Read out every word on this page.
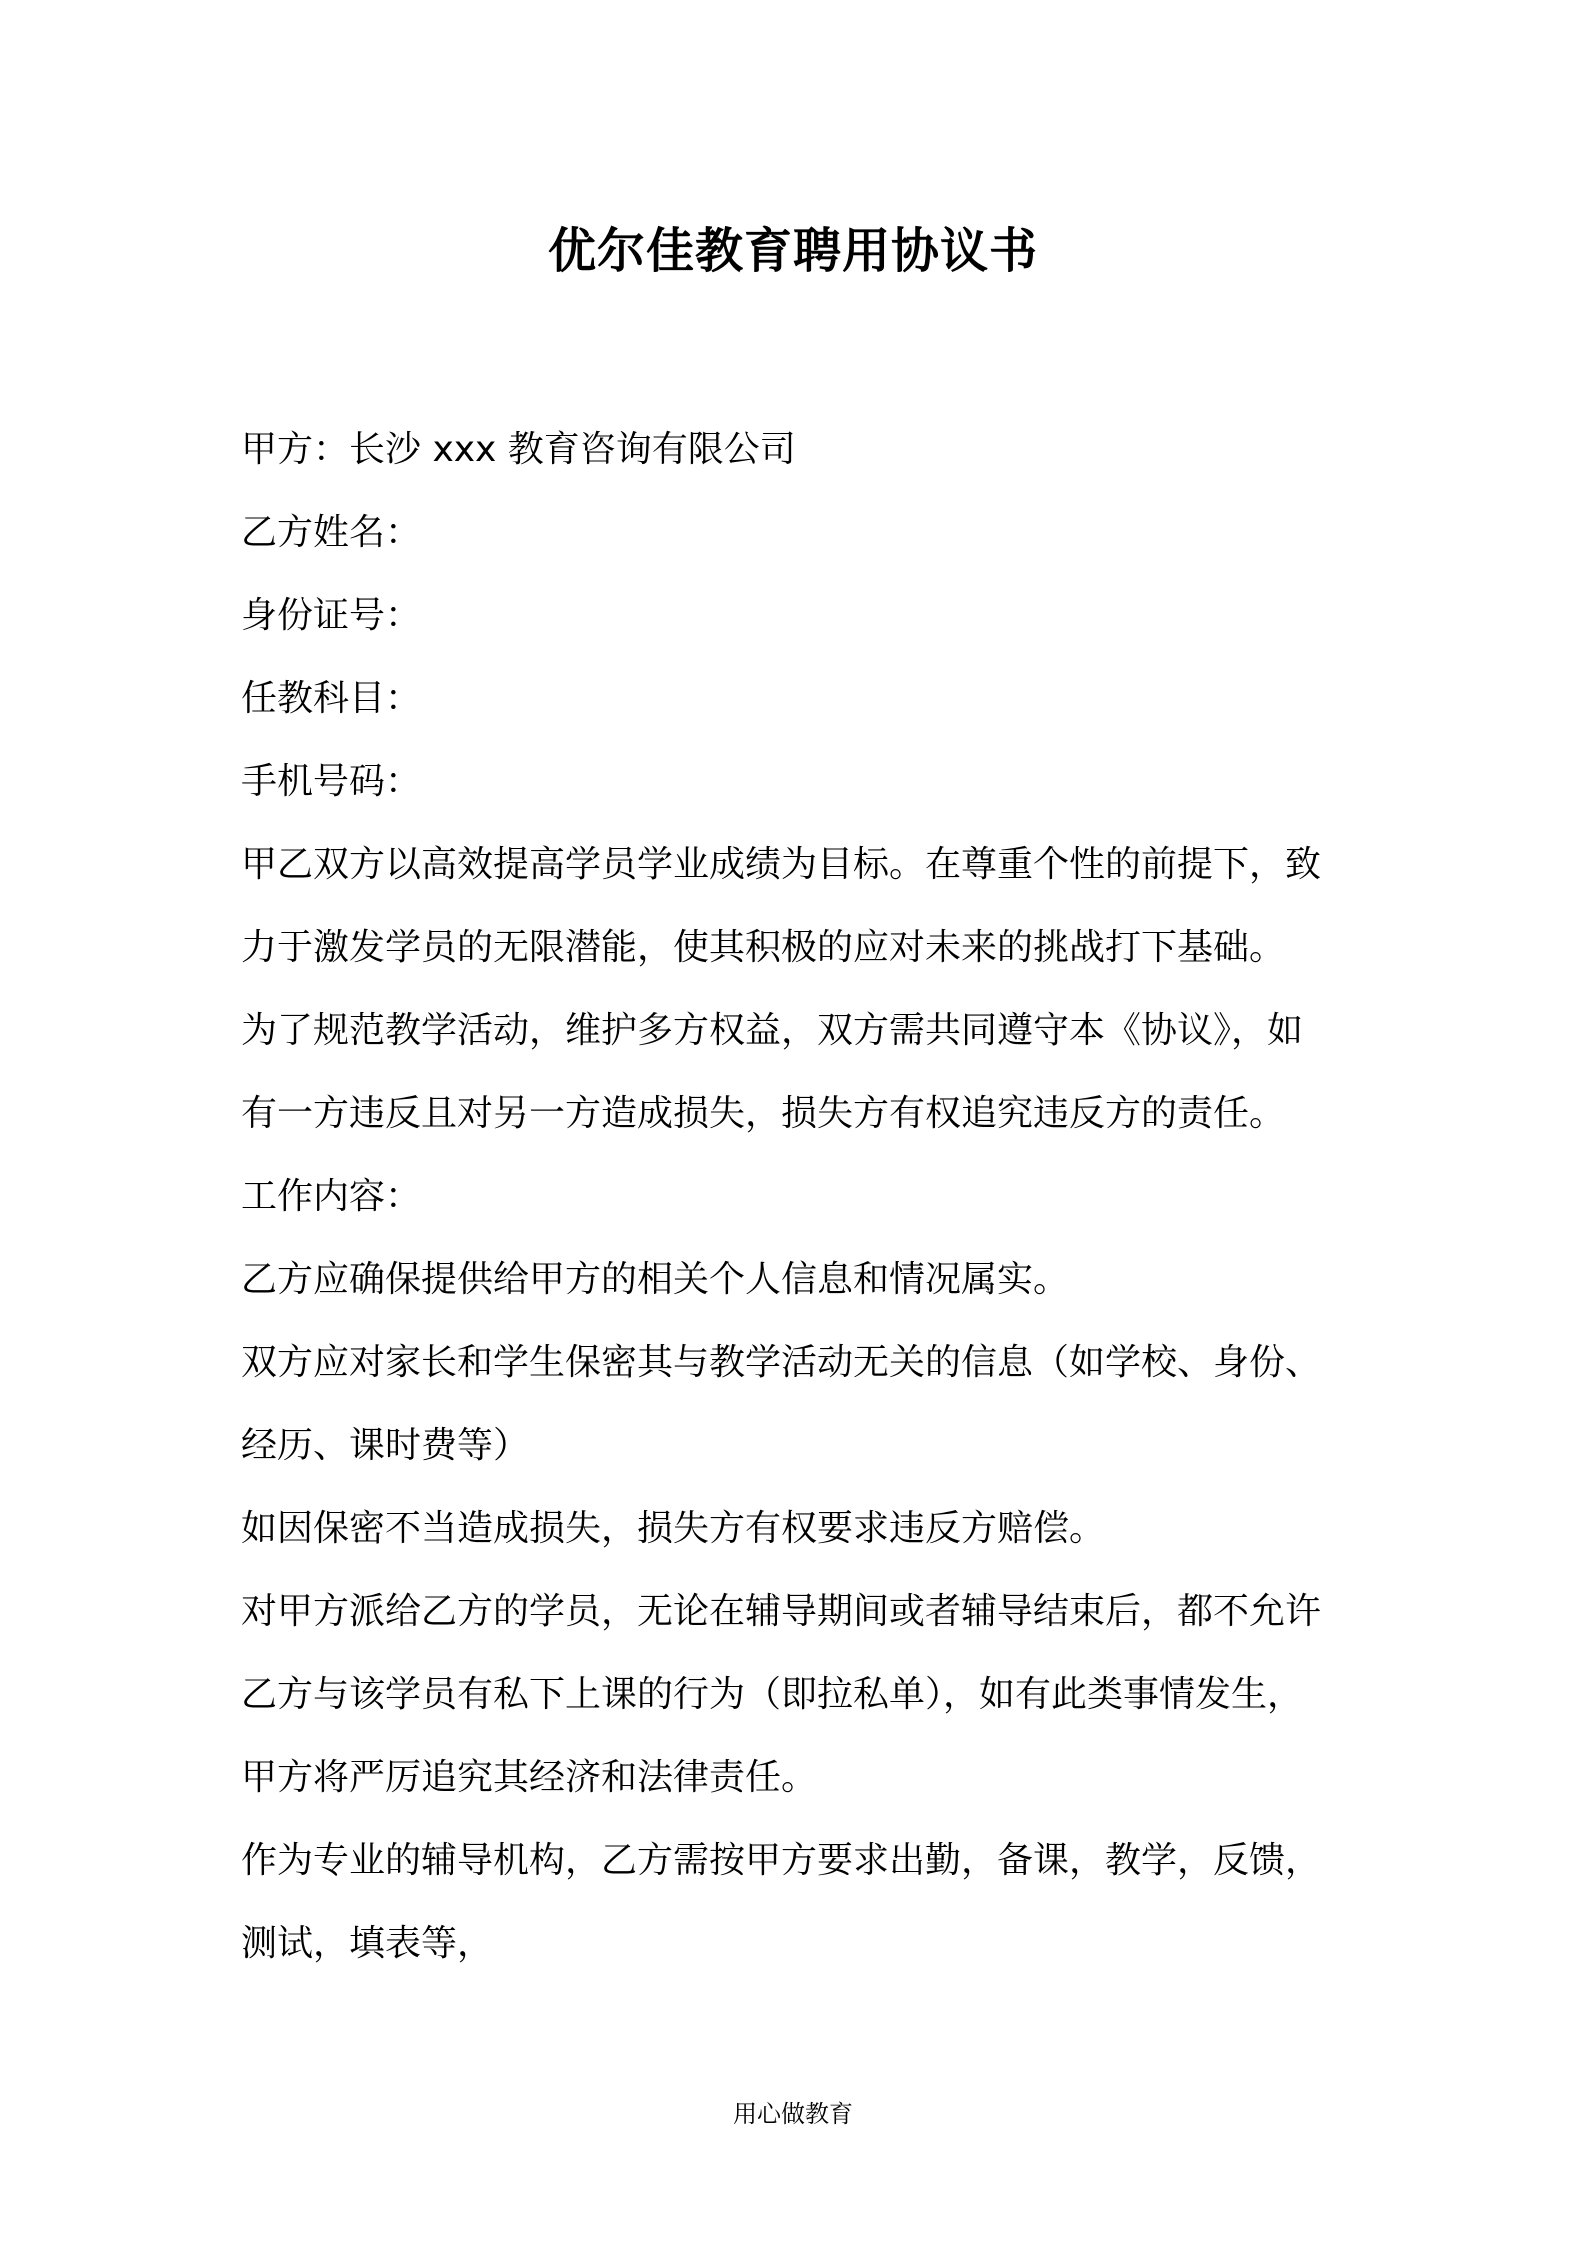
优尔佳教育聘用协议书
甲方：长沙 xxx 教育咨询有限公司
乙方姓名：
身份证号：
任教科目：
手机号码：
甲乙双方以高效提高学员学业成绩为目标。在尊重个性的前提下，致
力于激发学员的无限潜能，使其积极的应对未来的挑战打下基础。
为了规范教学活动，维护多方权益，双方需共同遵守本《协议》，如
有一方违反且对另一方造成损失，损失方有权追究违反方的责任。
工作内容：
乙方应确保提供给甲方的相关个人信息和情况属实。
双方应对家长和学生保密其与教学活动无关的信息（如学校、身份、
经历、课时费等）
如因保密不当造成损失，损失方有权要求违反方赔偿。
对甲方派给乙方的学员，无论在辅导期间或者辅导结束后，都不允许
乙方与该学员有私下上课的行为（即拉私单），如有此类事情发生，
甲方将严厉追究其经济和法律责任。
作为专业的辅导机构，乙方需按甲方要求出勤，备课，教学，反馈，
测试，填表等，
用心做教育
